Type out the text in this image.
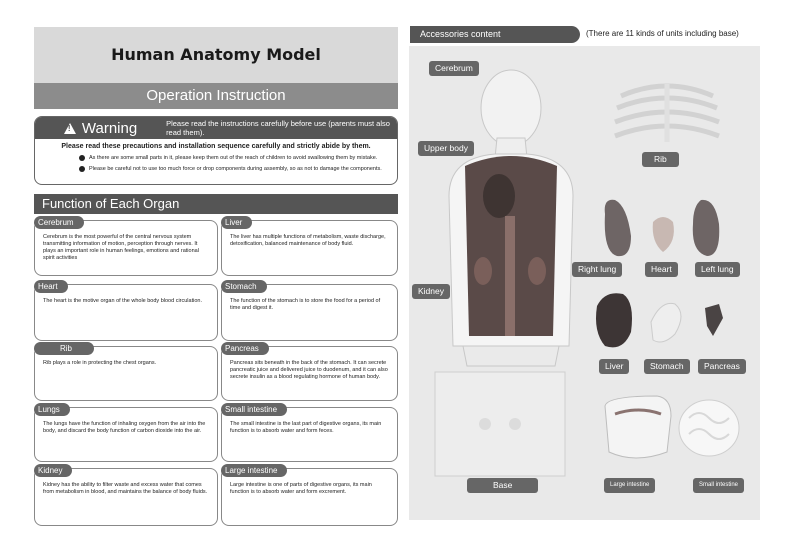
Human Anatomy Model
Operation Instruction
!
Warning	Please read the instructions carefully before use (parents must also read them).
Please read these precautions and installation sequence carefully and strictly abide by them.
As there are some small parts in it, please keep them out of the reach of children to avoid swallowing them by mistake.
Please be careful not to use too much force or drop components during assembly, so as not to damage the components.
Function of Each Organ
Cerebrum
Cerebrum is the most powerful of the central nervous system transmitting information of motion, perception through nerves. It plays an important role in human feelings, emotions and rational spirit activities
Liver
The liver has multiple functions of metabolism, waste discharge, detoxification, balanced maintenance of body fluid.
Heart
The heart is the motive organ of the whole body blood circulation.
Stomach
The function of the stomach is to store the food for a period of time and digest it.
Rib
Rib plays a role in protecting the chest organs.
Pancreas
Pancreas sits beneath in the back of the stomach. It can secrete pancreatic juice and delivered juice to duodenum, and it can also secrete insulin as a blood regulating hormone of human body.
Lungs
The lungs have the function of inhaling oxygen from the air into the body, and discard the body function of carbon dioxide into the air.
Small intestine
The small intestine is the last part of digestive organs, its main function is to absorb water and form feces.
Kidney
Kidney has the ability to filter waste and excess water that comes from metabolism in blood, and maintains the balance of body fluids.
Large intestine
Large intestine is one of parts of digestive organs, its main function is to absorb water and form excrement.
Accessories content	(There are 11 kinds of units including base)
Cerebrum
Upper body
Kidney
Rib
Right lung	Heart	Left lung
Liver	Stomach	Pancreas
Base	Large intestine	Small intestine
